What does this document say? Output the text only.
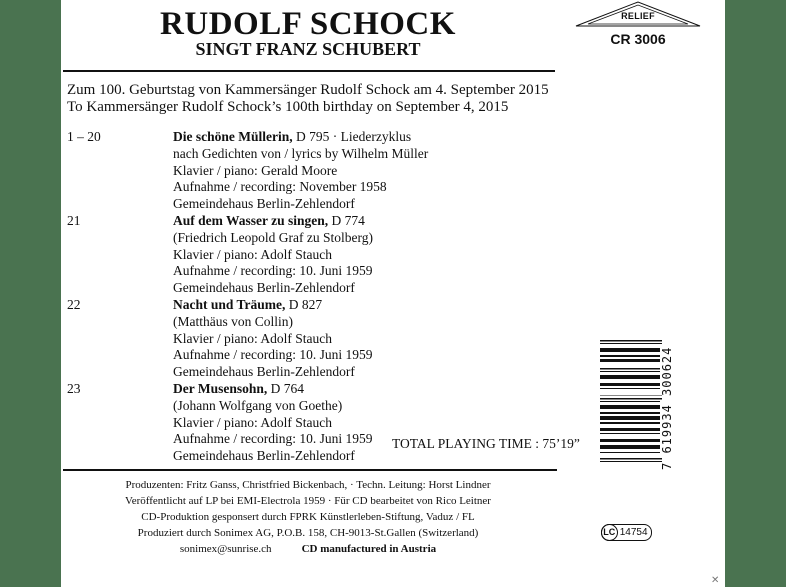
RUDOLF SCHOCK
SINGT FRANZ SCHUBERT
RELIEF
CR 3006
Zum 100. Geburtstag von Kammersänger Rudolf Schock am 4. September 2015
To Kammersänger Rudolf Schock’s 100th birthday on September 4, 2015
1 – 20	Die schöne Müllerin, D 795 · Liederzyklus
nach Gedichten von / lyrics by Wilhelm Müller
Klavier / piano: Gerald Moore
Aufnahme / recording: November 1958
Gemeindehaus Berlin-Zehlendorf
21	Auf dem Wasser zu singen, D 774
(Friedrich Leopold Graf zu Stolberg)
Klavier / piano: Adolf Stauch
Aufnahme / recording: 10. Juni 1959
Gemeindehaus Berlin-Zehlendorf
22	Nacht und Träume, D 827
(Matthäus von Collin)
Klavier / piano: Adolf Stauch
Aufnahme / recording: 10. Juni 1959
Gemeindehaus Berlin-Zehlendorf
23	Der Musensohn, D 764
(Johann Wolfgang von Goethe)
Klavier / piano: Adolf Stauch
Aufnahme / recording: 10. Juni 1959
Gemeindehaus Berlin-Zehlendorf
TOTAL PLAYING TIME : 75’19”
Produzenten: Fritz Ganss, Christfried Bickenbach, · Techn. Leitung: Horst Lindner
Veröffentlicht auf LP bei EMI-Electrola 1959 · Für CD bearbeitet von Rico Leitner
CD-Produktion gesponsert durch FPRK Künstlerleben-Stiftung, Vaduz / FL
Produziert durch Sonimex AG, P.O.B. 158, CH-9013-St.Gallen (Switzerland)
sonimex@sunrise.ch	CD manufactured in Austria
7 619934 300624
LC 14754
✕
